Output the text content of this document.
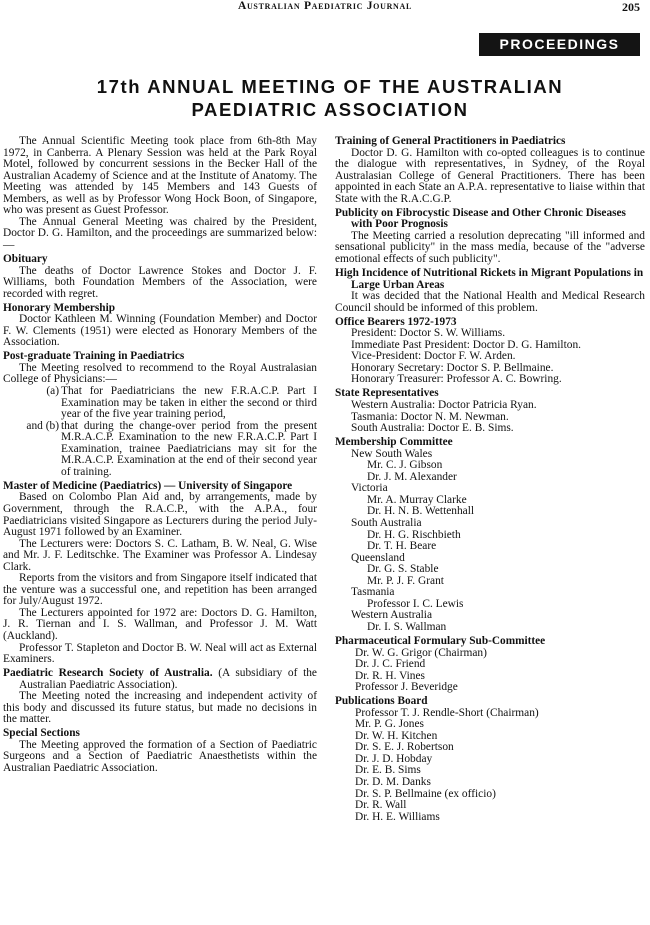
Australian Paediatric Journal	205
PROCEEDINGS
17th ANNUAL MEETING OF THE AUSTRALIAN
PAEDIATRIC ASSOCIATION

The Annual Scientific Meeting took place from 6th-8th May 1972, in Canberra. A Plenary Session was held at the Park Royal Motel, followed by concurrent sessions in the Becker Hall of the Australian Academy of Science and at the Institute of Anatomy. The Meeting was attended by 145 Members and 143 Guests of Members, as well as by Professor Wong Hock Boon, of Singapore, who was present as Guest Professor.

The Annual General Meeting was chaired by the President, Doctor D. G. Hamilton, and the proceedings are summarized below:—

Obituary

The deaths of Doctor Lawrence Stokes and Doctor J. F. Williams, both Foundation Members of the Association, were recorded with regret.

Honorary Membership

Doctor Kathleen M. Winning (Foundation Member) and Doctor F. W. Clements (1951) were elected as Honorary Members of the Association.

Post-graduate Training in Paediatrics

The Meeting resolved to recommend to the Royal Australasian College of Physicians:—

(a) That for Paediatricians the new F.R.A.C.P. Part I Examination may be taken in either the second or third year of the five year training period,
and (b) that during the change-over period from the present M.R.A.C.P. Examination to the new F.R.A.C.P. Part I Examination, trainee Paediatricians may sit for the M.R.A.C.P. Examination at the end of their second year of training.
Master of Medicine (Paediatrics) — University of Singapore

Based on Colombo Plan Aid and, by arrangements, made by Government, through the R.A.C.P., with the A.P.A., four Paediatricians visited Singapore as Lecturers during the period July-August 1971 followed by an Examiner.

The Lecturers were: Doctors S. C. Latham, B. W. Neal, G. Wise and Mr. J. F. Leditschke. The Examiner was Professor A. Lindesay Clark.

Reports from the visitors and from Singapore itself indicated that the venture was a successful one, and repetition has been arranged for July/August 1972.

The Lecturers appointed for 1972 are: Doctors D. G. Hamilton, J. R. Tiernan and I. S. Wallman, and Professor J. M. Watt (Auckland).

Professor T. Stapleton and Doctor B. W. Neal will act as External Examiners.

Paediatric Research Society of Australia. (A subsidiary of the Australian Paediatric Association).

The Meeting noted the increasing and independent activity of this body and discussed its future status, but made no decisions in the matter.

Special Sections

The Meeting approved the formation of a Section of Paediatric Surgeons and a Section of Paediatric Anaesthetists within the Australian Paediatric Association.

Training of General Practitioners in Paediatrics

Doctor D. G. Hamilton with co-opted colleagues is to continue the dialogue with representatives, in Sydney, of the Royal Australasian College of General Practitioners. There has been appointed in each State an A.P.A. representative to liaise within that State with the R.A.C.G.P.

Publicity on Fibrocystic Disease and Other Chronic Diseases with Poor Prognosis

The Meeting carried a resolution deprecating "ill informed and sensational publicity" in the mass media, because of the "adverse emotional effects of such publicity".

High Incidence of Nutritional Rickets in Migrant Populations in Large Urban Areas

It was decided that the National Health and Medical Research Council should be informed of this problem.

Office Bearers 1972-1973
President: Doctor S. W. Williams.
Immediate Past President: Doctor D. G. Hamilton.
Vice-President: Doctor F. W. Arden.
Honorary Secretary: Doctor S. P. Bellmaine.
Honorary Treasurer: Professor A. C. Bowring.
State Representatives
Western Australia: Doctor Patricia Ryan.
Tasmania: Doctor N. M. Newman.
South Australia: Doctor E. B. Sims.
Membership Committee
New South Wales
Mr. C. J. Gibson
Dr. J. M. Alexander
Victoria
Mr. A. Murray Clarke
Dr. H. N. B. Wettenhall
South Australia
Dr. H. G. Rischbieth
Dr. T. H. Beare
Queensland
Dr. G. S. Stable
Mr. P. J. F. Grant
Tasmania
Professor I. C. Lewis
Western Australia
Dr. I. S. Wallman
Pharmaceutical Formulary Sub-Committee
Dr. W. G. Grigor (Chairman)
Dr. J. C. Friend
Dr. R. H. Vines
Professor J. Beveridge
Publications Board
Professor T. J. Rendle-Short (Chairman)
Mr. P. G. Jones
Dr. W. H. Kitchen
Dr. S. E. J. Robertson
Dr. J. D. Hobday
Dr. E. B. Sims
Dr. D. M. Danks
Dr. S. P. Bellmaine (ex officio)
Dr. R. Wall
Dr. H. E. Williams
